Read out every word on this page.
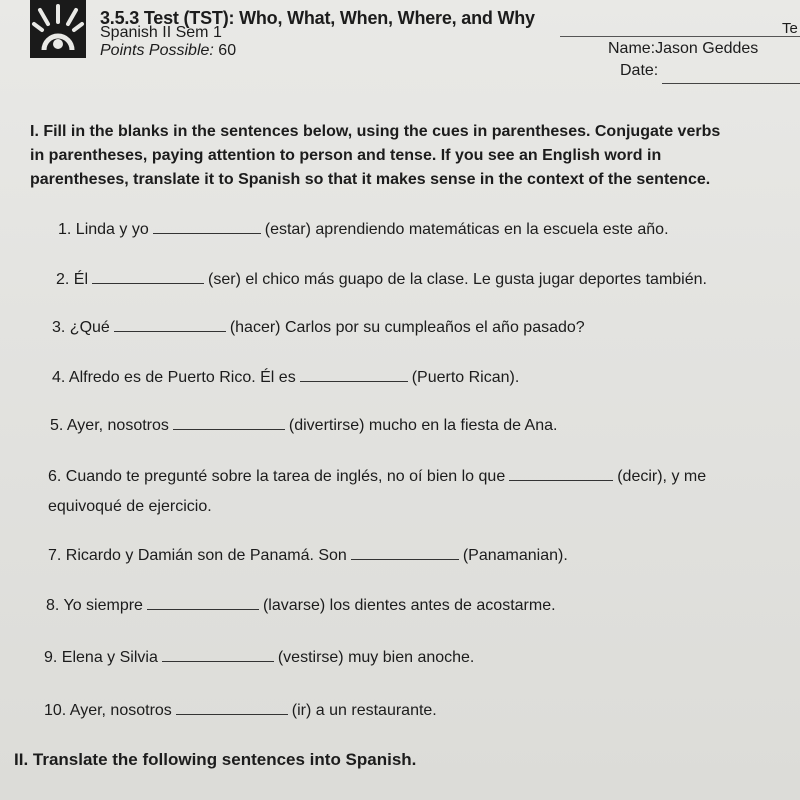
3.5.3 Test (TST): Who, What, When, Where, and Why
Te
Spanish II Sem 1
Points Possible: 60	Name:Jason Geddes
Date:
I. Fill in the blanks in the sentences below, using the cues in parentheses. Conjugate verbs
in parentheses, paying attention to person and tense. If you see an English word in
parentheses, translate it to Spanish so that it makes sense in the context of the sentence.
1. Linda y yo	(estar) aprendiendo matemáticas en la escuela este año.
2. Él	(ser) el chico más guapo de la clase. Le gusta jugar deportes también.
3. ¿Qué	(hacer) Carlos por su cumpleaños el año pasado?
4. Alfredo es de Puerto Rico. Él es	(Puerto Rican).
5. Ayer, nosotros	(divertirse) mucho en la fiesta de Ana.
6. Cuando te pregunté sobre la tarea de inglés, no oí bien lo que	(decir), y me
equivoqué de ejercicio.
7. Ricardo y Damián son de Panamá. Son	(Panamanian).
8. Yo siempre	(lavarse) los dientes antes de acostarme.
9. Elena y Silvia	(vestirse) muy bien anoche.
10. Ayer, nosotros	(ir) a un restaurante.
II. Translate the following sentences into Spanish.
